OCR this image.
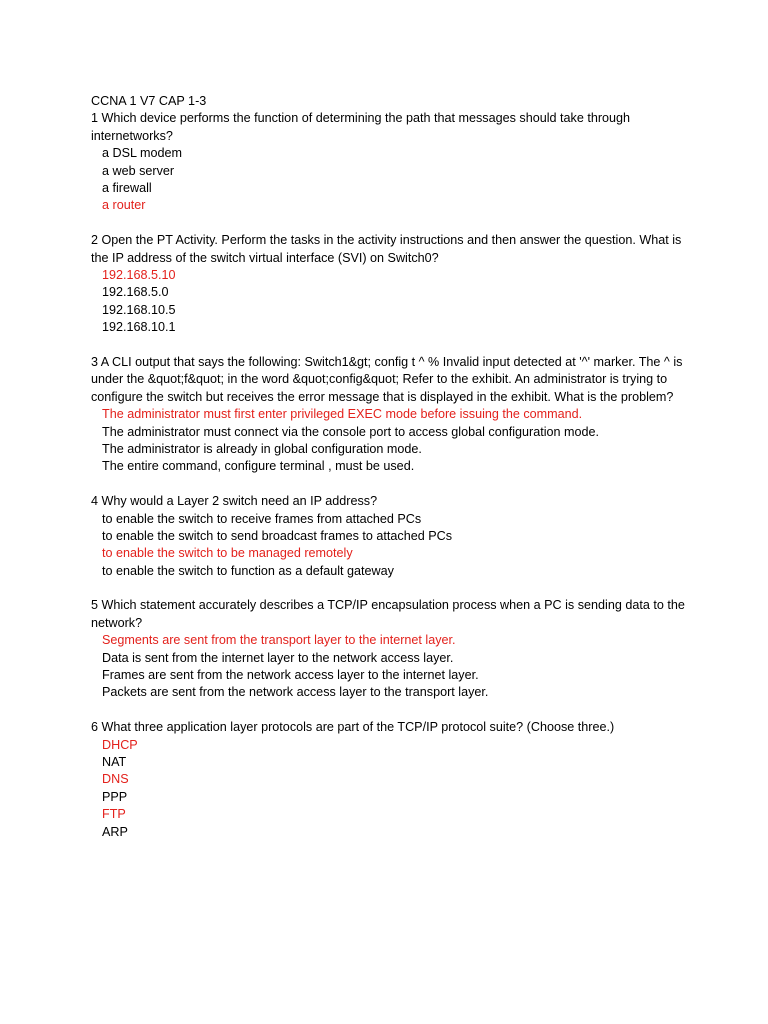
CCNA 1 V7 CAP 1-3
1 Which device performs the function of determining the path that messages should take through internetworks?
a DSL modem
a web server
a firewall
a router
2 Open the PT Activity. Perform the tasks in the activity instructions and then answer the question. What is the IP address of the switch virtual interface (SVI) on Switch0?
192.168.5.10
192.168.5.0
192.168.10.5
192.168.10.1
3 A CLI output that says the following: Switch1&gt; config t ^ % Invalid input detected at '^' marker. The ^ is under the &quot;f&quot; in the word &quot;config&quot; Refer to the exhibit. An administrator is trying to configure the switch but receives the error message that is displayed in the exhibit. What is the problem?
The administrator must first enter privileged EXEC mode before issuing the command.
The administrator must connect via the console port to access global configuration mode.
The administrator is already in global configuration mode.
The entire command, configure terminal , must be used.
4 Why would a Layer 2 switch need an IP address?
to enable the switch to receive frames from attached PCs
to enable the switch to send broadcast frames to attached PCs
to enable the switch to be managed remotely
to enable the switch to function as a default gateway
5 Which statement accurately describes a TCP/IP encapsulation process when a PC is sending data to the network?
Segments are sent from the transport layer to the internet layer.
Data is sent from the internet layer to the network access layer.
Frames are sent from the network access layer to the internet layer.
Packets are sent from the network access layer to the transport layer.
6 What three application layer protocols are part of the TCP/IP protocol suite? (Choose three.)
DHCP
NAT
DNS
PPP
FTP
ARP
